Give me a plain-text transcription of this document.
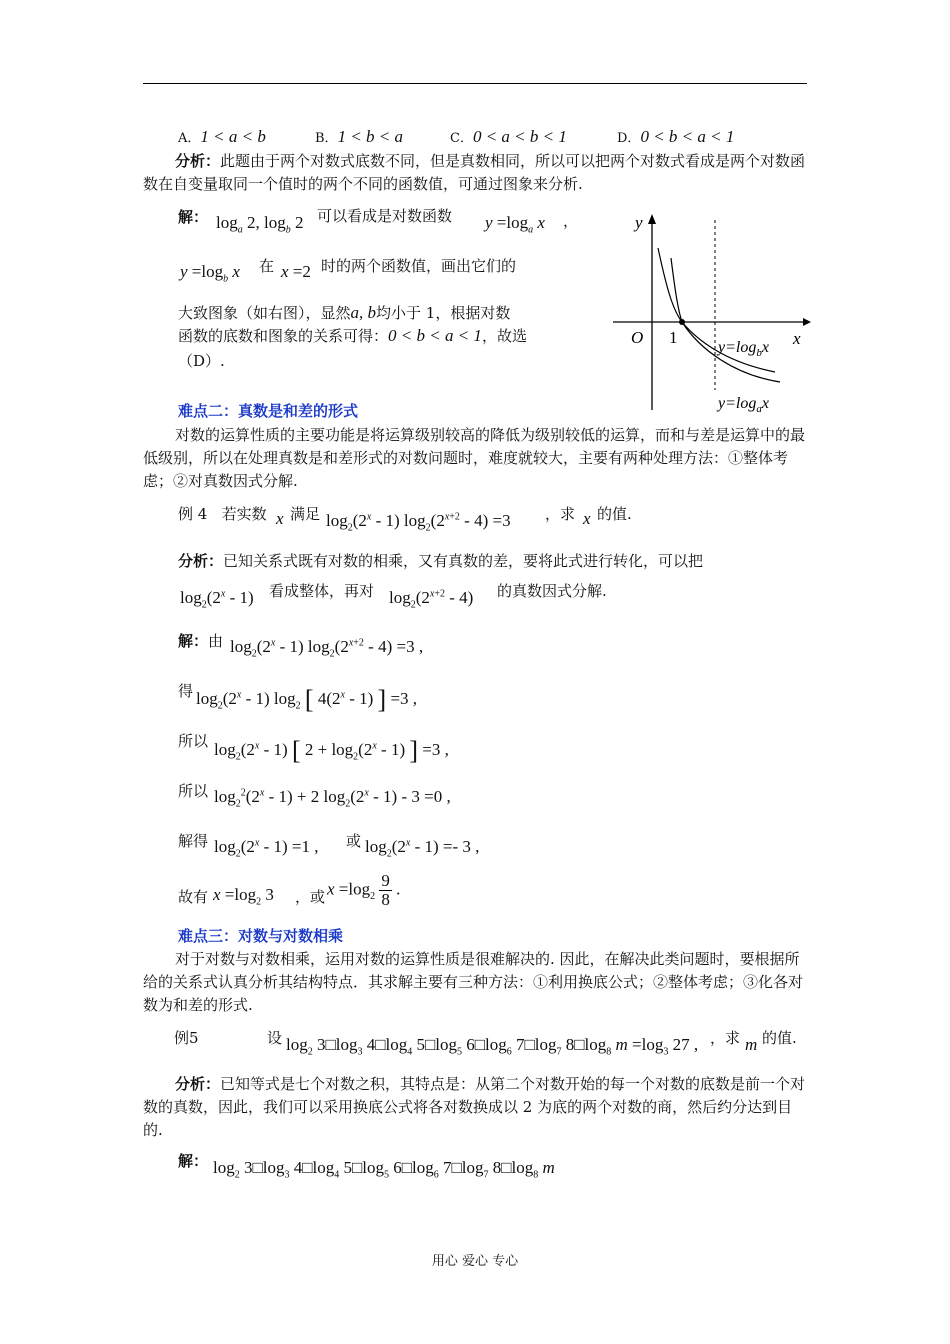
A．1 < a < b	B．1 < b < a	C．0 < a < b < 1	D．0 < b < a < 1
分析：此题由于两个对数式底数不同，但是真数相同，所以可以把两个对数式看成是两个对数函数在自变量取同一个值时的两个不同的函数值，可通过图象来分析.
解： $\log_a 2$, $\log_b 2$ 可以看成是对数函数 $y =\log_a$ x ，
$y =\log_b$ x 在 x =2 时的两个函数值，画出它们的
大致图象（如右图），显然a, b均小于 1，根据对数
函数的底数和图象的关系可得：0 < b < a < 1，故选
（D）.
y
x
O 1
$y=\log_bx$
$y=\log_ax$
难点二：真数是和差的形式
对数的运算性质的主要功能是将运算级别较高的降低为级别较低的运算，而和与差是运算中的最低级别，所以在处理真数是和差形式的对数问题时，难度就较大，主要有两种处理方法：①整体考虑；②对真数因式分解.
例 4 若实数 x 满足 $\log_2(2^x - 1)$ $\log_2(2^{x+2} - 4) =3$ ，求 x 的值.
分析：已知关系式既有对数的相乘，又有真数的差，要将此式进行转化，可以把
$\log_2(2^x - 1)$ 看成整体，再对 $\log_2(2^{x+2} - 4)$ 的真数因式分解.
解：由 $\log_2(2^x - 1)$ $\log_2(2^{x+2} - 4) =3$ ,
得 $\log_2(2^x - 1)$ $\log_2$ [ 4(2$^x$ - 1) ] =3 ,
所以 $\log_2(2^x - 1)$ [ $2 + \log_2(2^x - 1)$ ] =3 ,
所以 $\log_2^2(2^x - 1) + 2$ $\log_2(2^x - 1) - 3 =0$ ,
解得 $\log_2(2^x - 1) =1$ , 或 $\log_2(2^x - 1) =- 3$ ,
故有 $x =\log_2$ 3 ，或 $x =\log_2 \frac{9}{8}$ .
难点三：对数与对数相乘
对于对数与对数相乘，运用对数的运算性质是很难解决的. 因此，在解决此类问题时，要根据所给的关系式认真分析其结构特点．其求解主要有三种方法：①利用换底公式；②整体考虑；③化各对数为和差的形式.
例5	设 $\log_2$ $3□\log_3$ $4□\log_4$ $5□\log_5$ $6□\log_6$ $7□\log_7$ $8□\log_8$ $m =\log_3$ 27 , ，求 m 的值.
分析：已知等式是七个对数之积，其特点是：从第二个对数开始的每一个对数的底数是前一个对数的真数，因此，我们可以采用换底公式将各对数换成以 2 为底的两个对数的商，然后约分达到目的.
解： $\log_2$ $3□\log_3$ $4□\log_4$ $5□\log_5$ $6□\log_6$ $7□\log_7$ $8□\log_8$ m
用心 爱心 专心
